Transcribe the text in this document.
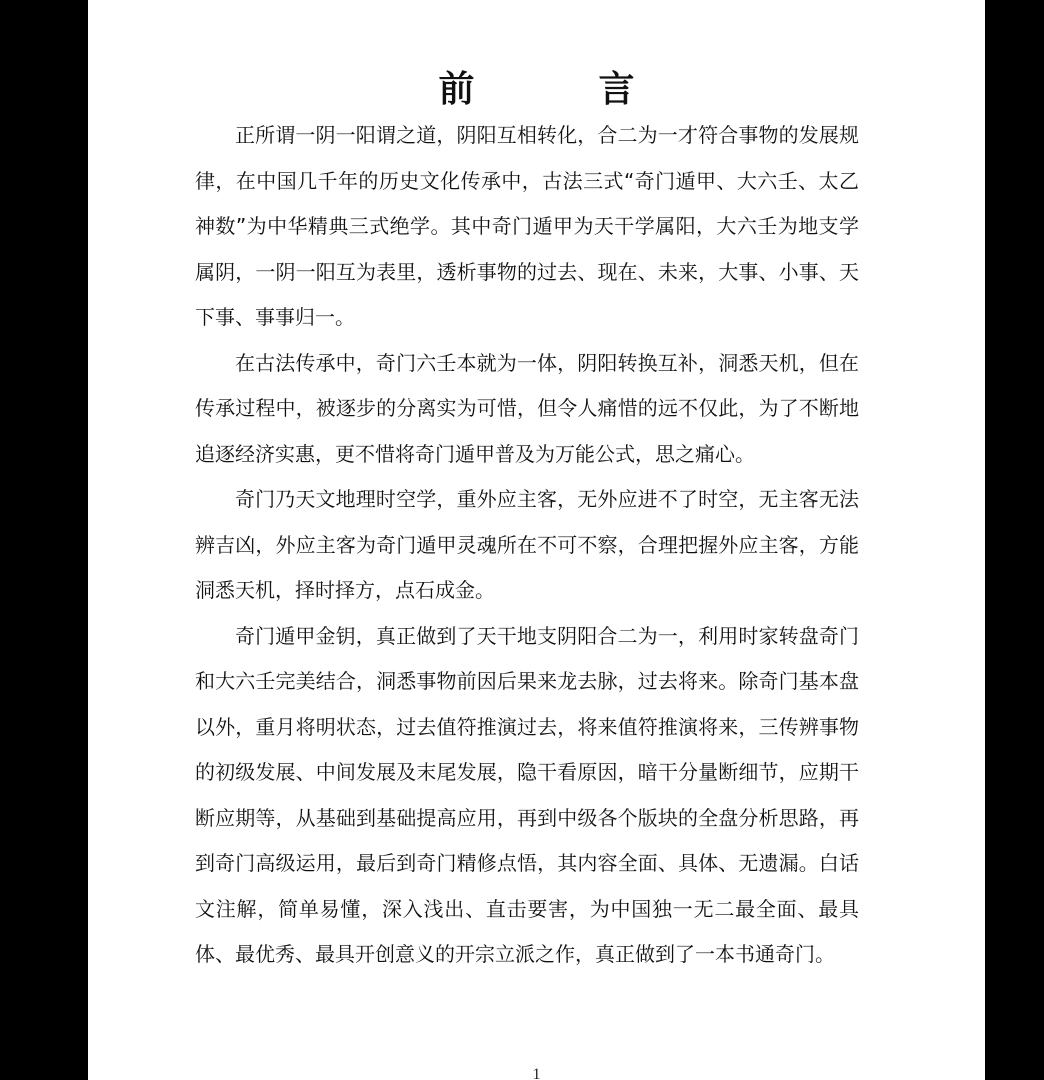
前　言

正所谓一阴一阳谓之道，阴阳互相转化，合二为一才符合事物的发展规律，在中国几千年的历史文化传承中，古法三式“奇门遁甲、大六壬、太乙神数”为中华精典三式绝学。其中奇门遁甲为天干学属阳，大六壬为地支学属阴，一阴一阳互为表里，透析事物的过去、现在、未来，大事、小事、天下事、事事归一。

在古法传承中，奇门六壬本就为一体，阴阳转换互补，洞悉天机，但在传承过程中，被逐步的分离实为可惜，但令人痛惜的远不仅此，为了不断地追逐经济实惠，更不惜将奇门遁甲普及为万能公式，思之痛心。

奇门乃天文地理时空学，重外应主客，无外应进不了时空，无主客无法辨吉凶，外应主客为奇门遁甲灵魂所在不可不察，合理把握外应主客，方能洞悉天机，择时择方，点石成金。

奇门遁甲金钥，真正做到了天干地支阴阳合二为一，利用时家转盘奇门和大六壬完美结合，洞悉事物前因后果来龙去脉，过去将来。除奇门基本盘以外，重月将明状态，过去值符推演过去，将来值符推演将来，三传辨事物的初级发展、中间发展及末尾发展，隐干看原因，暗干分量断细节，应期干断应期等，从基础到基础提高应用，再到中级各个版块的全盘分析思路，再到奇门高级运用，最后到奇门精修点悟，其内容全面、具体、无遗漏。白话文注解，简单易懂，深入浅出、直击要害，为中国独一无二最全面、最具体、最优秀、最具开创意义的开宗立派之作，真正做到了一本书通奇门。

1
